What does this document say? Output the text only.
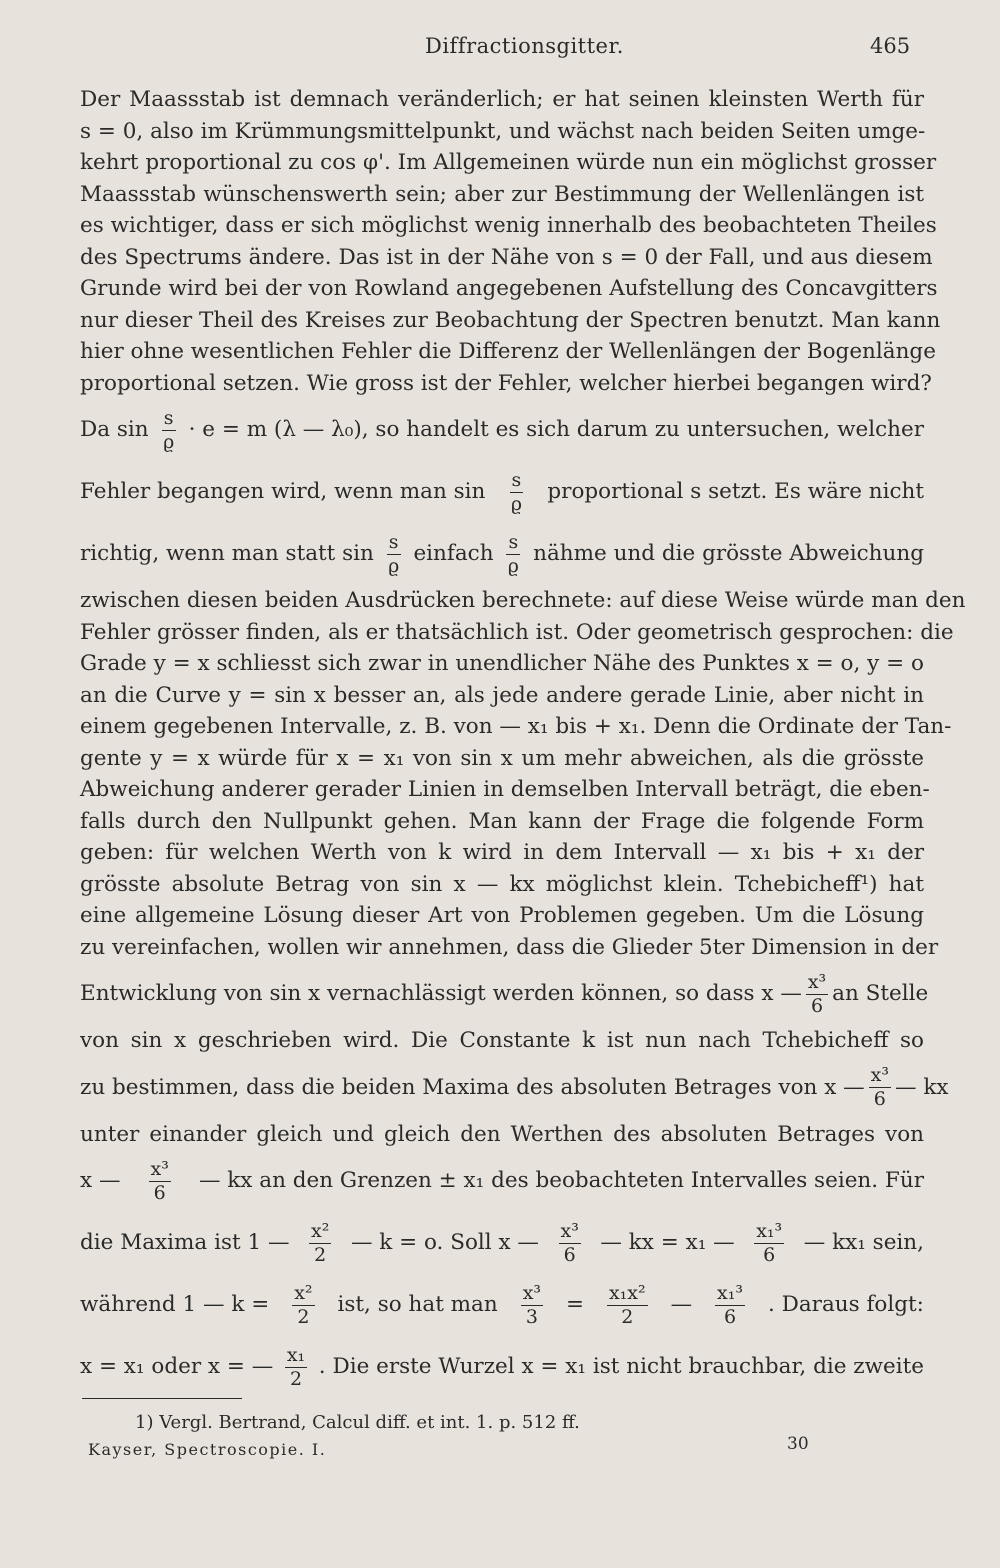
Diffractionsgitter.	465
Der Maassstab ist demnach veränderlich; er hat seinen kleinsten Werth für
s = 0, also im Krümmungsmittelpunkt, und wächst nach beiden Seiten umge-
kehrt proportional zu cos φ'. Im Allgemeinen würde nun ein möglichst grosser
Maassstab wünschenswerth sein; aber zur Bestimmung der Wellenlängen ist
es wichtiger, dass er sich möglichst wenig innerhalb des beobachteten Theiles
des Spectrums ändere. Das ist in der Nähe von s = 0 der Fall, und aus diesem
Grunde wird bei der von Rowland angegebenen Aufstellung des Concavgitters
nur dieser Theil des Kreises zur Beobachtung der Spectren benutzt. Man kann
hier ohne wesentlichen Fehler die Differenz der Wellenlängen der Bogenlänge
proportional setzen. Wie gross ist der Fehler, welcher hierbei begangen wird?
Da $\sin \frac{s}{ϱ} \cdot e = m$ (λ — λ₀), so handelt es sich darum zu untersuchen, welcher
Fehler begangen wird, wenn man $\sin \frac{s}{ϱ}$ proportional s setzt. Es wäre nicht
richtig, wenn man statt $\sin \frac{s}{ϱ}$ einfach $\frac{s}{ϱ}$ nähme und die grösste Abweichung
zwischen diesen beiden Ausdrücken berechnete: auf diese Weise würde man den
Fehler grösser finden, als er thatsächlich ist. Oder geometrisch gesprochen: die
Grade y = x schliesst sich zwar in unendlicher Nähe des Punktes x = o, y = o
an die Curve y = sin x besser an, als jede andere gerade Linie, aber nicht in
einem gegebenen Intervalle, z. B. von — x₁ bis + x₁. Denn die Ordinate der Tan-
gente y = x würde für x = x₁ von sin x um mehr abweichen, als die grösste
Abweichung anderer gerader Linien in demselben Intervall beträgt, die eben-
falls durch den Nullpunkt gehen. Man kann der Frage die folgende Form
geben: für welchen Werth von k wird in dem Intervall — x₁ bis + x₁ der
grösste absolute Betrag von sin x — kx möglichst klein. Tchebicheff¹) hat
eine allgemeine Lösung dieser Art von Problemen gegeben. Um die Lösung
zu vereinfachen, wollen wir annehmen, dass die Glieder 5ter Dimension in der
Entwicklung von sin x vernachlässigt werden können, so dass x — $\frac{\text{x³}}{6}$ an Stelle
von sin x geschrieben wird. Die Constante k ist nun nach Tchebicheff so
zu bestimmen, dass die beiden Maxima des absoluten Betrages von x — $\frac{\text{x³}}{6}$ — kx
unter einander gleich und gleich den Werthen des absoluten Betrages von
x — $\frac{\text{x³}}{6}$ — kx an den Grenzen ± x₁ des beobachteten Intervalles seien. Für
die Maxima ist 1 — $\frac{\text{x²}}{2}$ — k = o. Soll x — $\frac{\text{x³}}{6}$ — kx = x₁ — $\frac{\text{x₁³}}{6}$ — kx₁ sein,
während 1 — $k = \frac{\text{x²}}{2}$ ist, so hat man $\frac{\text{x³}}{3} = \frac{\text{x₁x²}}{2}$ — $\frac{\text{x₁³}}{6}$ . Daraus folgt:
x = x₁ oder x = — $\frac{\text{x₁}}{2}$ . Die erste Wurzel x = x₁ ist nicht brauchbar, die zweite
1) Vergl. Bertrand, Calcul diff. et int. 1. p. 512 ff.
Kayser, Spectroscopie. I.	30
